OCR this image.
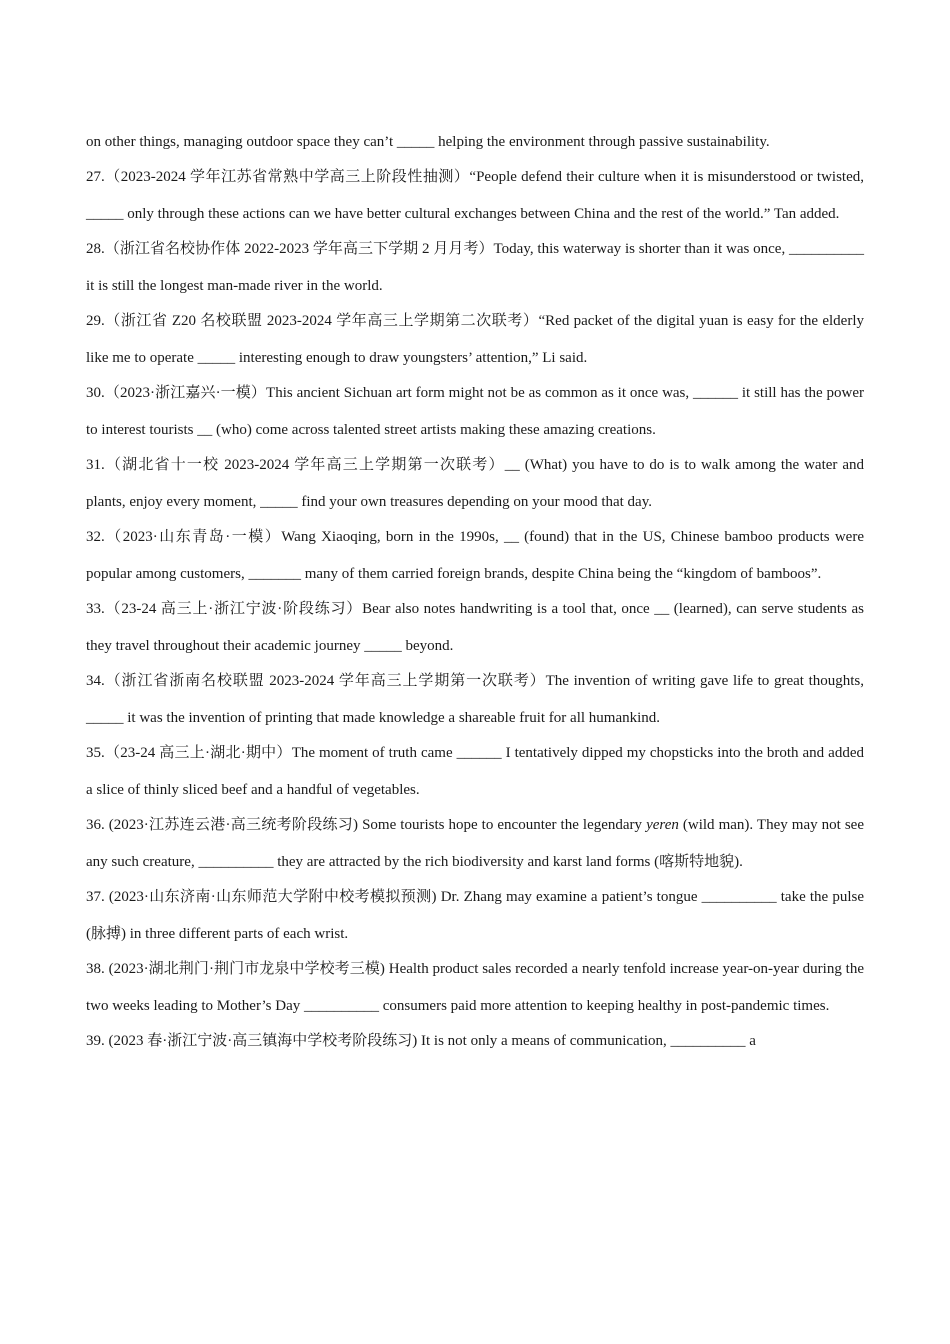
on other things, managing outdoor space they can’t _____ helping the environment through passive sustainability.

27.（2023-2024 学年江苏省常熟中学高三上阶段性抽测）“People defend their culture when it is misunderstood or twisted, _____ only through these actions can we have better cultural exchanges between China and the rest of the world.” Tan added.

28.（浙江省名校协作体 2022-2023 学年高三下学期 2 月月考）Today, this waterway is shorter than it was once, __________ it is still the longest man-made river in the world.

29.（浙江省 Z20 名校联盟 2023-2024 学年高三上学期第二次联考）“Red packet of the digital yuan is easy for the elderly like me to operate _____ interesting enough to draw youngsters’ attention,” Li said.

30.（2023·浙江嘉兴·一模）This ancient Sichuan art form might not be as common as it once was, ______ it still has the power to interest tourists __ (who) come across talented street artists making these amazing creations.

31.（湖北省十一校 2023-2024 学年高三上学期第一次联考）__ (What) you have to do is to walk among the water and plants, enjoy every moment, _____ find your own treasures depending on your mood that day.

32.（2023·山东青岛·一模）Wang Xiaoqing, born in the 1990s, __ (found) that in the US, Chinese bamboo products were popular among customers, _______ many of them carried foreign brands, despite China being the “kingdom of bamboos”.

33.（23-24 高三上·浙江宁波·阶段练习）Bear also notes handwriting is a tool that, once __ (learned), can serve students as they travel throughout their academic journey _____ beyond.

34.（浙江省浙南名校联盟 2023-2024 学年高三上学期第一次联考）The invention of writing gave life to great thoughts, _____ it was the invention of printing that made knowledge a shareable fruit for all humankind.

35.（23-24 高三上·湖北·期中）The moment of truth came ______ I tentatively dipped my chopsticks into the broth and added a slice of thinly sliced beef and a handful of vegetables.

36. (2023·江苏连云港·高三统考阶段练习) Some tourists hope to encounter the legendary yeren (wild man). They may not see any such creature, __________ they are attracted by the rich biodiversity and karst land forms (喀斯特地貌).

37. (2023·山东济南·山东师范大学附中校考模拟预测) Dr. Zhang may examine a patient’s tongue __________ take the pulse (脉搏) in three different parts of each wrist.

38. (2023·湖北荆门·荆门市龙泉中学校考三模) Health product sales recorded a nearly tenfold increase year-on-year during the two weeks leading to Mother’s Day __________ consumers paid more attention to keeping healthy in post-pandemic times.

39. (2023 春·浙江宁波·高三镇海中学校考阶段练习) It is not only a means of communication, __________ a
